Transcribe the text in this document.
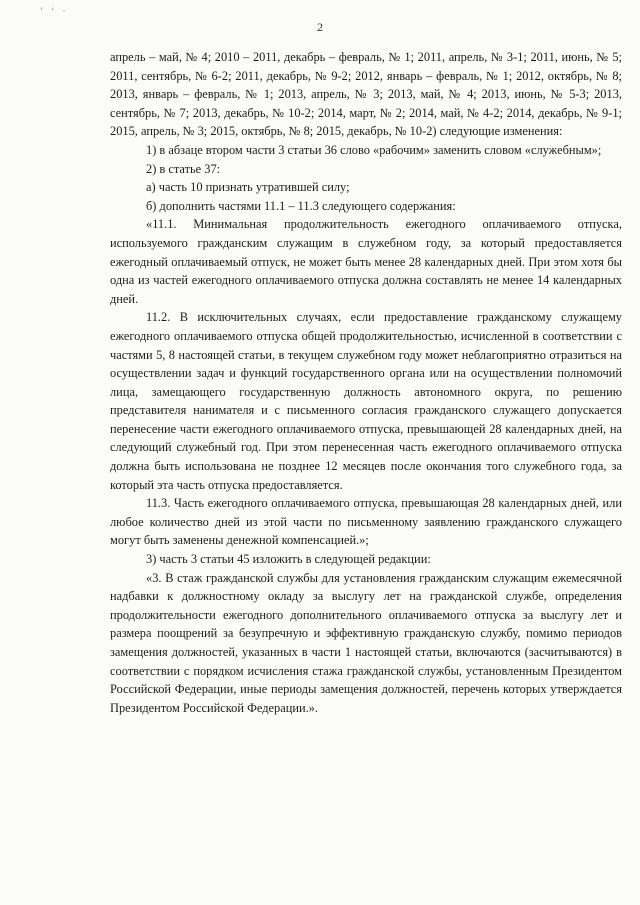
ʼ ‘ ·
2

апрель – май, № 4; 2010 – 2011, декабрь – февраль, № 1; 2011, апрель, № 3-1; 2011, июнь, № 5; 2011, сентябрь, № 6-2; 2011, декабрь, № 9-2; 2012, январь – февраль, № 1; 2012, октябрь, № 8; 2013, январь – февраль, № 1; 2013, апрель, № 3; 2013, май, № 4; 2013, июнь, № 5-3; 2013, сентябрь, № 7; 2013, декабрь, № 10-2; 2014, март, № 2; 2014, май, № 4-2; 2014, декабрь, № 9-1; 2015, апрель, № 3; 2015, октябрь, № 8; 2015, декабрь, № 10-2) следующие изменения:

1) в абзаце втором части 3 статьи 36 слово «рабочим» заменить словом «служебным»;

2) в статье 37:

а) часть 10 признать утратившей силу;

б) дополнить частями 11.1 – 11.3 следующего содержания:

«11.1. Минимальная продолжительность ежегодного оплачиваемого отпуска, используемого гражданским служащим в служебном году, за который предоставляется ежегодный оплачиваемый отпуск, не может быть менее 28 календарных дней. При этом хотя бы одна из частей ежегодного оплачиваемого отпуска должна составлять не менее 14 календарных дней.

11.2. В исключительных случаях, если предоставление гражданскому служащему ежегодного оплачиваемого отпуска общей продолжительностью, исчисленной в соответствии с частями 5, 8 настоящей статьи, в текущем служебном году может неблагоприятно отразиться на осуществлении задач и функций государственного органа или на осуществлении полномочий лица, замещающего государственную должность автономного округа, по решению представителя нанимателя и с письменного согласия гражданского служащего допускается перенесение части ежегодного оплачиваемого отпуска, превышающей 28 календарных дней, на следующий служебный год. При этом перенесенная часть ежегодного оплачиваемого отпуска должна быть использована не позднее 12 месяцев после окончания того служебного года, за который эта часть отпуска предоставляется.

11.3. Часть ежегодного оплачиваемого отпуска, превышающая 28 календарных дней, или любое количество дней из этой части по письменному заявлению гражданского служащего могут быть заменены денежной компенсацией.»;

3) часть 3 статьи 45 изложить в следующей редакции:

«3. В стаж гражданской службы для установления гражданским служащим ежемесячной надбавки к должностному окладу за выслугу лет на гражданской службе, определения продолжительности ежегодного дополнительного оплачиваемого отпуска за выслугу лет и размера поощрений за безупречную и эффективную гражданскую службу, помимо периодов замещения должностей, указанных в части 1 настоящей статьи, включаются (засчитываются) в соответствии с порядком исчисления стажа гражданской службы, установленным Президентом Российской Федерации, иные периоды замещения должностей, перечень которых утверждается Президентом Российской Федерации.».
